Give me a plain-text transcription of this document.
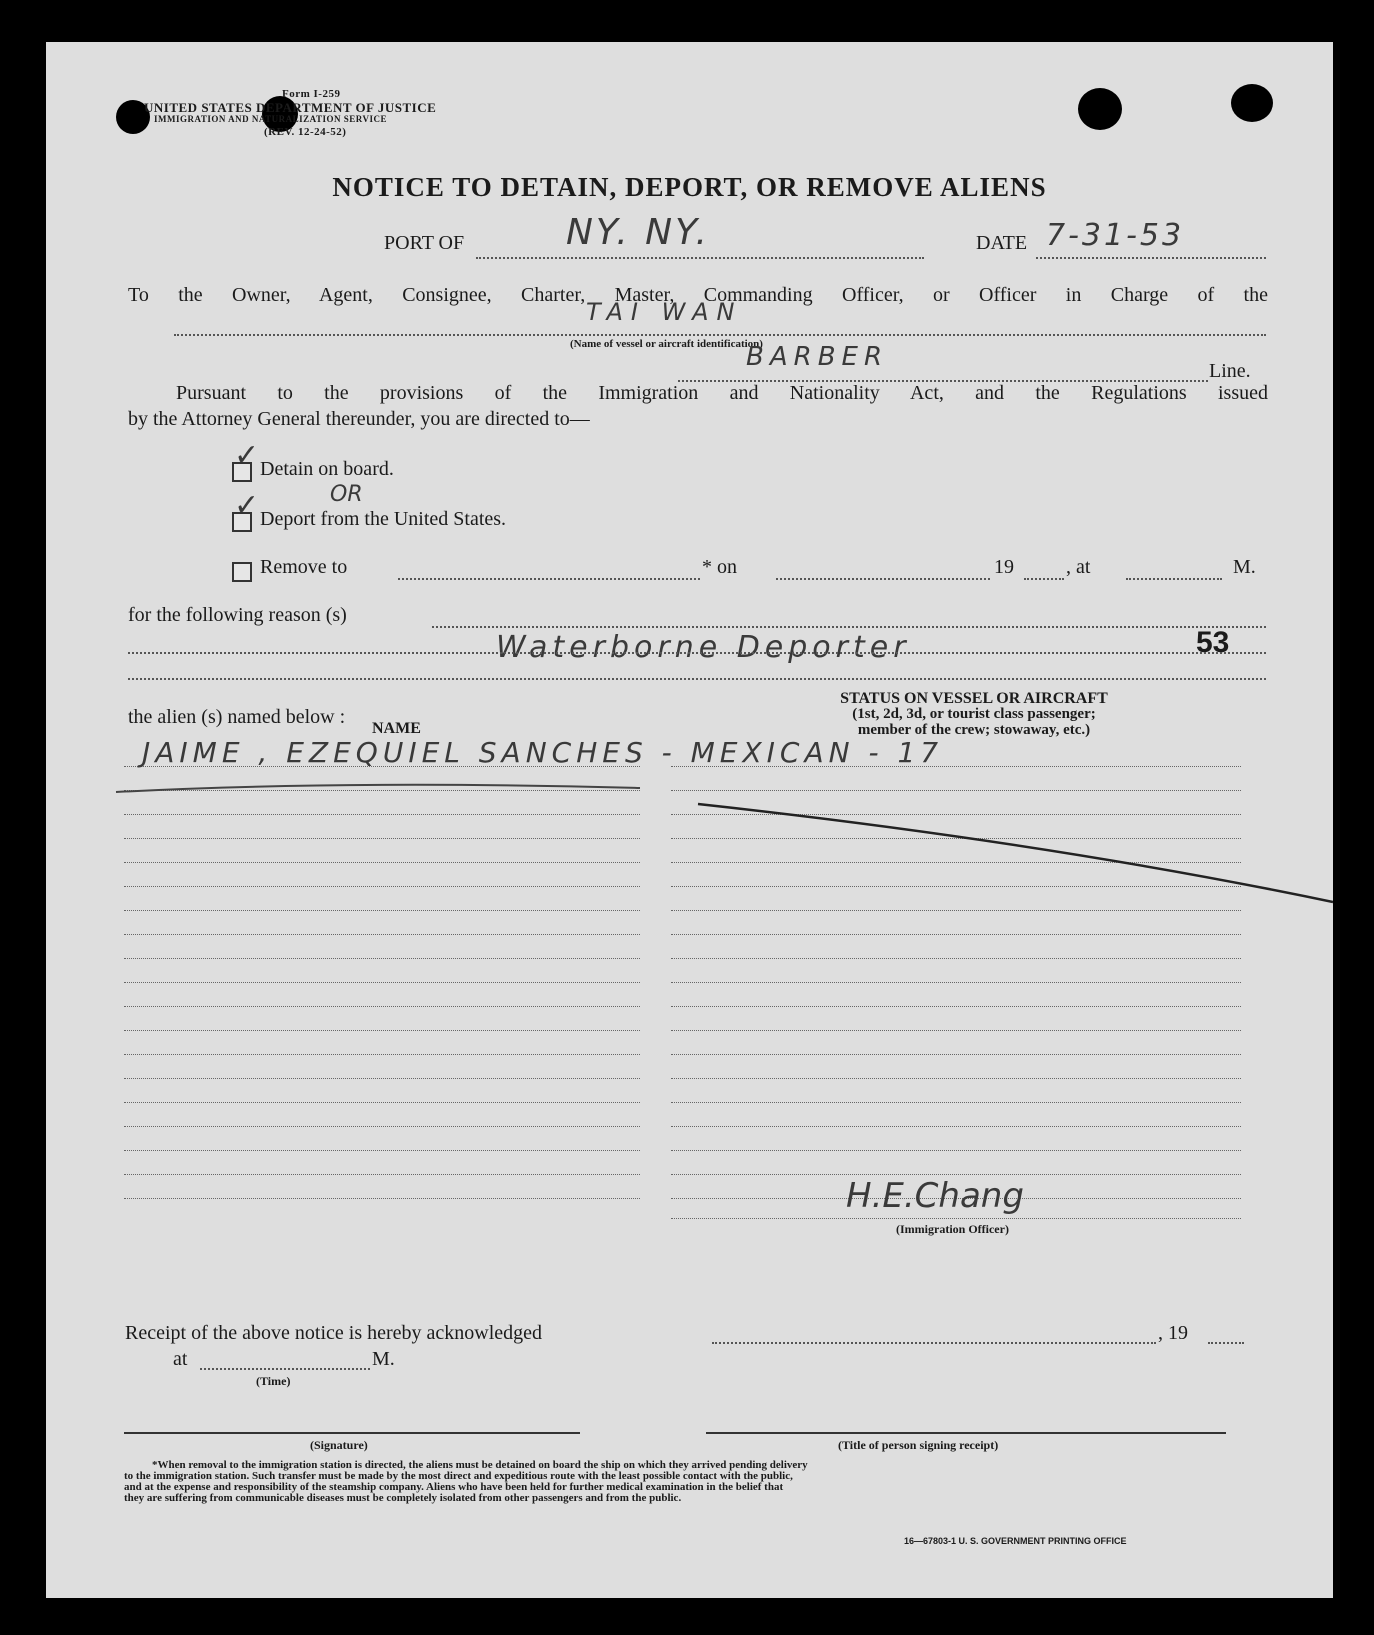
Form I-259
UNITED STATES DEPARTMENT OF JUSTICE
IMMIGRATION AND NATURALIZATION SERVICE
(REV. 12-24-52)
NOTICE TO DETAIN, DEPORT, OR REMOVE ALIENS
PORT OF	NY. NY.	DATE 7-31-53
To the Owner, Agent, Consignee, Charter, Master, Commanding Officer, or Officer in Charge of the
TAI WAN
(Name of vessel or aircraft identification)
BARBER	Line.
Pursuant to the provisions of the Immigration and Nationality Act, and the Regulations issued
by the Attorney General thereunder, you are directed to—
✓ Detain on board.
✓ Deport from the United States.
OR
Remove to	* on	19	, at	M.
for the following reason (s)
Waterborne Deporter	53
the alien (s) named below :
NAME
STATUS ON VESSEL OR AIRCRAFT
(1st, 2d, 3d, or tourist class passenger;
member of the crew; stowaway, etc.)
JAIME , EZEQUIEL SANCHES - MEXICAN - 17
H.E.Chang
(Immigration Officer)
Receipt of the above notice is hereby acknowledged	, 19
at	M.
(Time)
(Signature)	(Title of person signing receipt)
*When removal to the immigration station is directed, the aliens must be detained on board the ship on which they arrived pending delivery
to the immigration station. Such transfer must be made by the most direct and expeditious route with the least possible contact with the public,
and at the expense and responsibility of the steamship company. Aliens who have been held for further medical examination in the belief that
they are suffering from communicable diseases must be completely isolated from other passengers and from the public.
16—67803-1 U. S. GOVERNMENT PRINTING OFFICE
